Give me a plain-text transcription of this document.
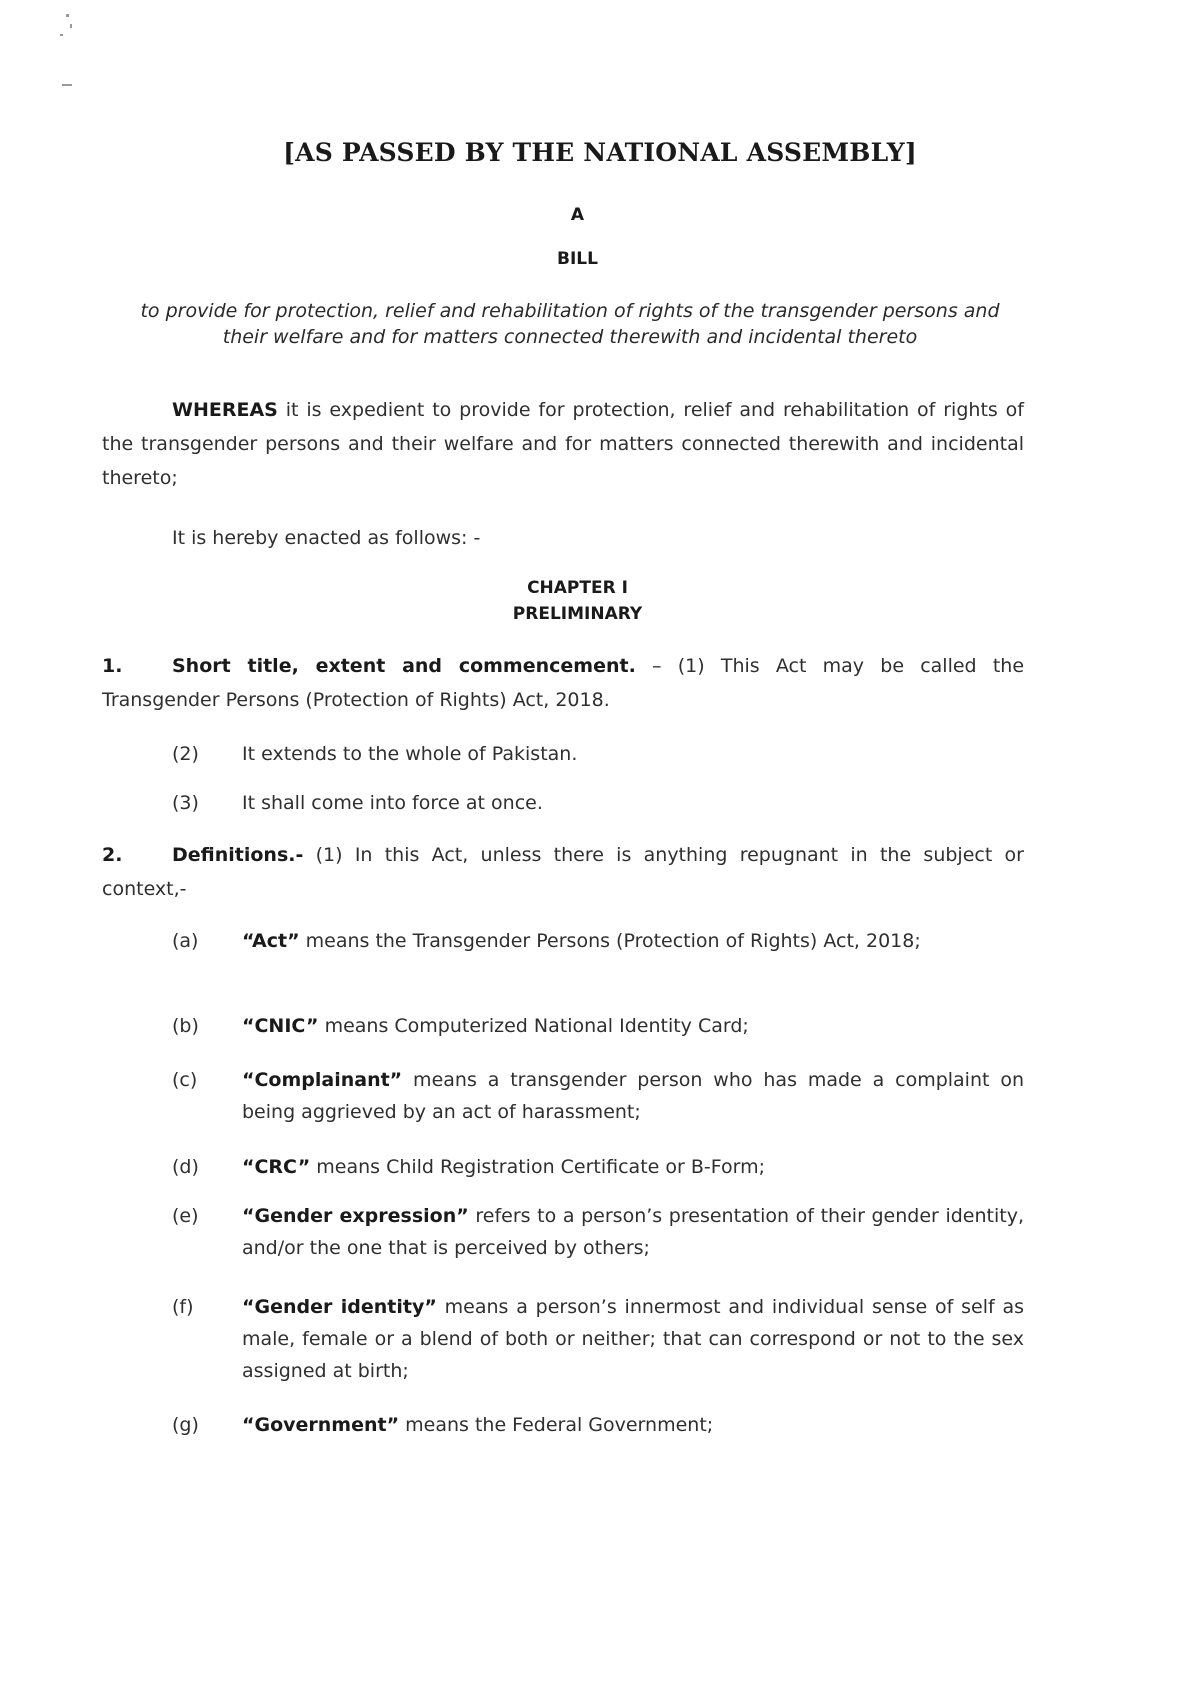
[AS PASSED BY THE NATIONAL ASSEMBLY]
A
BILL
to provide for protection, relief and rehabilitation of rights of the transgender persons and their welfare and for matters connected therewith and incidental thereto

WHEREAS it is expedient to provide for protection, relief and rehabilitation of rights of the transgender persons and their welfare and for matters connected therewith and incidental thereto;

It is hereby enacted as follows: -

CHAPTER I
PRELIMINARY

1.	Short title, extent and commencement. – (1) This Act may be called the Transgender Persons (Protection of Rights) Act, 2018.

(2)	It extends to the whole of Pakistan.
(3)	It shall come into force at once.

2.	Definitions.- (1) In this Act, unless there is anything repugnant in the subject or context,-

(a)	“Act” means the Transgender Persons (Protection of Rights) Act, 2018;
(b)	“CNIC” means Computerized National Identity Card;
(c)	“Complainant” means a transgender person who has made a complaint on being aggrieved by an act of harassment;
(d)	“CRC” means Child Registration Certificate or B-Form;
(e)	“Gender expression” refers to a person’s presentation of their gender identity, and/or the one that is perceived by others;
(f)	“Gender identity” means a person’s innermost and individual sense of self as male, female or a blend of both or neither; that can correspond or not to the sex assigned at birth;
(g)	“Government” means the Federal Government;
